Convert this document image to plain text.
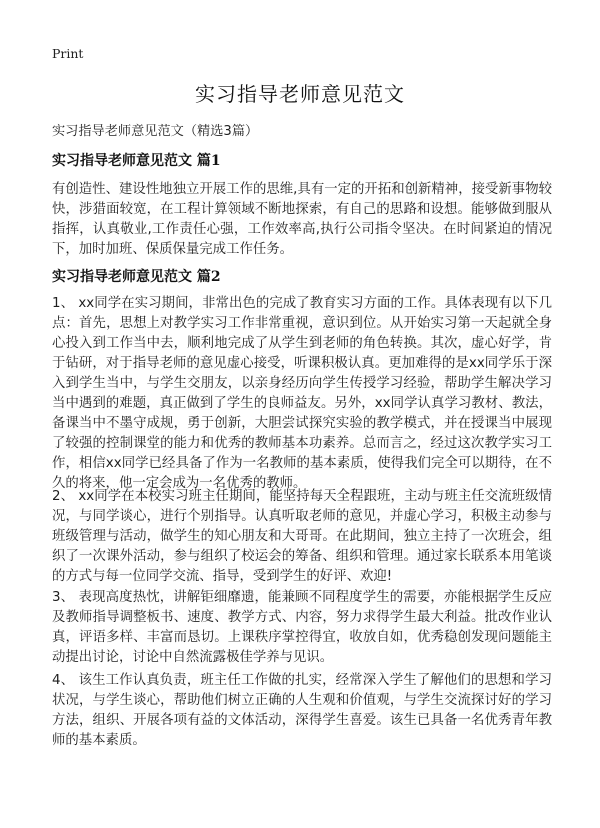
Print
实习指导老师意见范文
实习指导老师意见范文（精选3篇）
实习指导老师意见范文 篇1
有创造性、建设性地独立开展工作的思维,具有一定的开拓和创新精神，接受新事物较快，涉猎面较宽，在工程计算领域不断地探索，有自己的思路和设想。能够做到服从指挥，认真敬业,工作责任心强，工作效率高,执行公司指令坚决。在时间紧迫的情况下，加时加班、保质保量完成工作任务。
实习指导老师意见范文 篇2
1、 xx同学在实习期间，非常出色的完成了教育实习方面的工作。具体表现有以下几点：首先，思想上对教学实习工作非常重视，意识到位。从开始实习第一天起就全身心投入到工作当中去，顺利地完成了从学生到老师的角色转换。其次，虚心好学，肯于钻研，对于指导老师的意见虚心接受，听课积极认真。更加难得的是xx同学乐于深入到学生当中，与学生交朋友，以亲身经历向学生传授学习经验，帮助学生解决学习当中遇到的难题，真正做到了学生的良师益友。另外，xx同学认真学习教材、教法，备课当中不墨守成规，勇于创新，大胆尝试探究实验的教学模式，并在授课当中展现了较强的控制课堂的能力和优秀的教师基本功素养。总而言之，经过这次教学实习工作，相信xx同学已经具备了作为一名教师的基本素质，使得我们完全可以期待，在不久的将来，他一定会成为一名优秀的教师。
2、 xx同学在本校实习班主任期间，能坚持每天全程跟班，主动与班主任交流班级情况，与同学谈心，进行个别指导。认真听取老师的意见，并虚心学习，积极主动参与班级管理与活动，做学生的知心朋友和大哥哥。在此期间，独立主持了一次班会，组织了一次课外活动，参与组织了校运会的筹备、组织和管理。通过家长联系本用笔谈的方式与每一位同学交流、指导，受到学生的好评、欢迎!
3、 表现高度热忱，讲解钜细靡遗，能兼顾不同程度学生的需要，亦能根据学生反应及教师指导调整板书、速度、教学方式、内容，努力求得学生最大利益。批改作业认真，评语多样、丰富而恳切。上课秩序掌控得宜，收放自如，优秀稳创发现问题能主动提出讨论，讨论中自然流露极佳学养与见识。
4、 该生工作认真负责，班主任工作做的扎实，经常深入学生了解他们的思想和学习状况，与学生谈心，帮助他们树立正确的人生观和价值观，与学生交流探讨好的学习方法，组织、开展各项有益的文体活动，深得学生喜爱。该生已具备一名优秀青年教师的基本素质。
